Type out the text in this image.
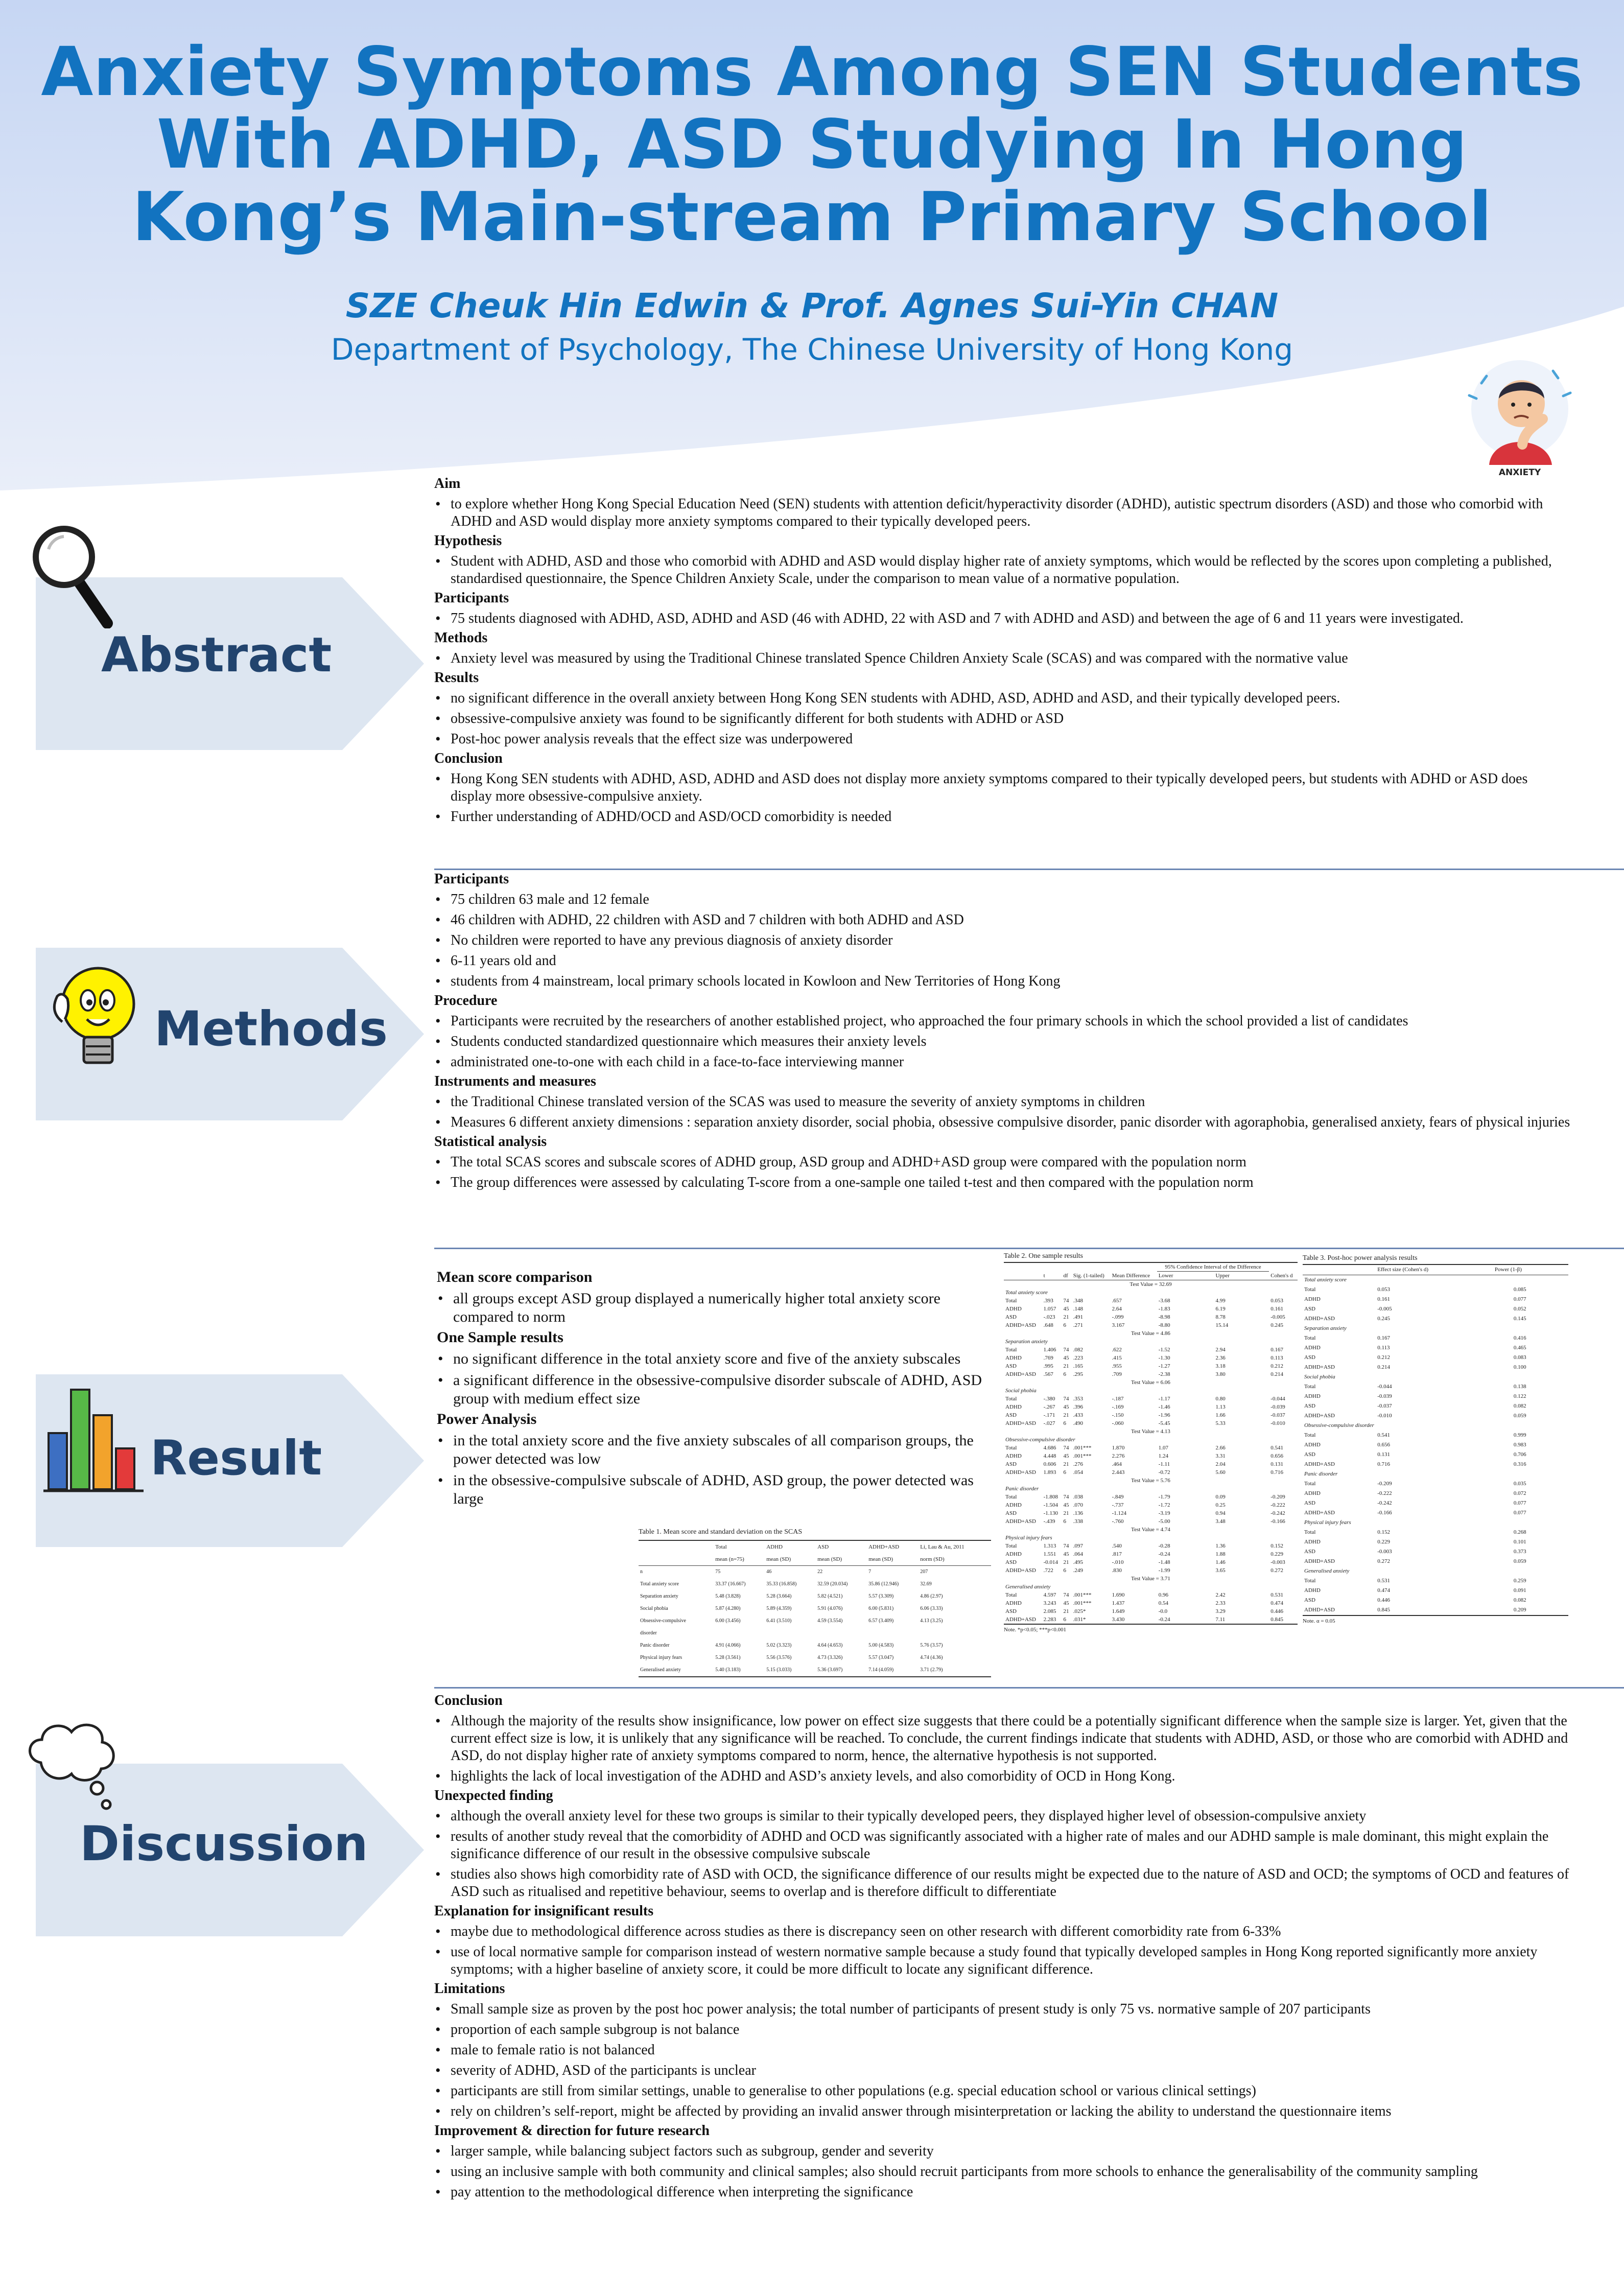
Anxiety Symptoms Among SEN Students With ADHD, ASD Studying In Hong Kong’s Main-stream Primary School
SZE Cheuk Hin Edwin & Prof. Agnes Sui-Yin CHAN
Department of Psychology, The Chinese University of Hong Kong
ANXIETY
Abstract
Methods
Result
Discussion
Aim
• to explore whether Hong Kong Special Education Need (SEN) students with attention deficit/hyperactivity disorder (ADHD), autistic spectrum disorders (ASD) and those who comorbid with ADHD and ASD would display more anxiety symptoms compared to their typically developed peers.
Hypothesis
• Student with ADHD, ASD and those who comorbid with ADHD and ASD would display higher rate of anxiety symptoms, which would be reflected by the scores upon completing a published, standardised questionnaire, the Spence Children Anxiety Scale, under the comparison to mean value of a normative population.
Participants
• 75 students diagnosed with ADHD, ASD, ADHD and ASD (46 with ADHD, 22 with ASD and 7 with ADHD and ASD) and between the age of 6 and 11 years were investigated.
Methods
• Anxiety level was measured by using the Traditional Chinese translated Spence Children Anxiety Scale (SCAS) and was compared with the normative value
Results
• no significant difference in the overall anxiety between Hong Kong SEN students with ADHD, ASD, ADHD and ASD, and their typically developed peers.
• obsessive-compulsive anxiety was found to be significantly different for both students with ADHD or ASD
• Post-hoc power analysis reveals that the effect size was underpowered
Conclusion
• Hong Kong SEN students with ADHD, ASD, ADHD and ASD does not display more anxiety symptoms compared to their typically developed peers, but students with ADHD or ASD does display more obsessive-compulsive anxiety.
• Further understanding of ADHD/OCD and ASD/OCD comorbidity is needed
Participants
• 75 children 63 male and 12 female
• 46 children with ADHD, 22 children with ASD and 7 children with both ADHD and ASD
• No children were reported to have any previous diagnosis of anxiety disorder
• 6-11 years old and
• students from 4 mainstream, local primary schools located in Kowloon and New Territories of Hong Kong
Procedure
• Participants were recruited by the researchers of another established project, who approached the four primary schools in which the school provided a list of candidates
• Students conducted standardized questionnaire which measures their anxiety levels
• administrated one-to-one with each child in a face-to-face interviewing manner
Instruments and measures
• the Traditional Chinese translated version of the SCAS was used to measure the severity of anxiety symptoms in children
• Measures 6 different anxiety dimensions : separation anxiety disorder, social phobia, obsessive compulsive disorder, panic disorder with agoraphobia, generalised anxiety, fears of physical injuries
Statistical analysis
• The total SCAS scores and subscale scores of ADHD group, ASD group and ADHD+ASD group were compared with the population norm
• The group differences were assessed by calculating T-score from a one-sample one tailed t-test and then compared with the population norm
Mean score comparison
• all groups except ASD group displayed a numerically higher total anxiety score compared to norm
One Sample results
• no significant difference in the total anxiety score and five of the anxiety subscales
• a significant difference in the obsessive-compulsive disorder subscale of ADHD, ASD group with medium effect size
Power Analysis
• in the total anxiety score and the five anxiety subscales of all comparison groups, the power detected was low
• in the obsessive-compulsive subscale of ADHD, ASD group, the power detected was large
Conclusion
• Although the majority of the results show insignificance, low power on effect size suggests that there could be a potentially significant difference when the sample size is larger. Yet, given that the current effect size is low, it is unlikely that any significance will be reached. To conclude, the current findings indicate that students with ADHD, ASD, or those who are comorbid with ADHD and ASD, do not display higher rate of anxiety symptoms compared to norm, hence, the alternative hypothesis is not supported.
• highlights the lack of local investigation of the ADHD and ASD’s anxiety levels, and also comorbidity of OCD in Hong Kong.
Unexpected finding
• although the overall anxiety level for these two groups is similar to their typically developed peers, they displayed higher level of obsession-compulsive anxiety
• results of another study reveal that the comorbidity of ADHD and OCD was significantly associated with a higher rate of males and our ADHD sample is male dominant, this might explain the significance difference of our result in the obsessive compulsive subscale
• studies also shows high comorbidity rate of ASD with OCD, the significance difference of our results might be expected due to the nature of ASD and OCD; the symptoms of OCD and features of ASD such as ritualised and repetitive behaviour, seems to overlap and is therefore difficult to differentiate
Explanation for insignificant results
• maybe due to methodological difference across studies as there is discrepancy seen on other research with different comorbidity rate from 6-33%
• use of local normative sample for comparison instead of western normative sample because a study found that typically developed samples in Hong Kong reported significantly more anxiety symptoms; with a higher baseline of anxiety score, it could be more difficult to locate any significant difference.
Limitations
• Small sample size as proven by the post hoc power analysis; the total number of participants of present study is only 75 vs. normative sample of 207 participants
• proportion of each sample subgroup is not balance
• male to female ratio is not balanced
• severity of ADHD, ASD of the participants is unclear
• participants are still from similar settings, unable to generalise to other populations (e.g. special education school or various clinical settings)
• rely on children’s self-report, might be affected by providing an invalid answer through misinterpretation or lacking the ability to understand the questionnaire items
Improvement & direction for future research
• larger sample, while balancing subject factors such as subgroup, gender and severity
• using an inclusive sample with both community and clinical samples; also should recruit participants from more schools to enhance the generalisability of the community sampling
• pay attention to the methodological difference when interpreting the significance
Table 1. Mean score and standard deviation on the SCAS
	Total	ADHD	ASD	ADHD+ASD	Li, Lau & Au, 2011
	mean (n=75)	mean (SD)	mean (SD)	mean (SD)	norm (SD)
n	75	46	22	7	207
Total anxiety score	33.37 (16.667)	35.33 (16.858)	32.59 (20.034)	35.86 (12.946)	32.69
Separation anxiety	5.48 (3.828)	5.28 (3.664)	5.82 (4.521)	5.57 (3.309)	4.86 (2.97)
Social phobia	5.87 (4.280)	5.89 (4.359)	5.91 (4.076)	6.00 (5.831)	6.06 (3.33)
Obsessive-compulsive	6.00 (3.456)	6.41 (3.510)	4.59 (3.554)	6.57 (3.409)	4.13 (3.25)
disorder					
Panic disorder	4.91 (4.066)	5.02 (3.323)	4.64 (4.653)	5.00 (4.583)	5.76 (3.57)
Physical injury fears	5.28 (3.561)	5.56 (3.576)	4.73 (3.326)	5.57 (3.047)	4.74 (4.36)
Generalised anxiety	5.40 (3.183)	5.15 (3.033)	5.36 (3.697)	7.14 (4.059)	3.71 (2.79)
Table 2. One sample results
					95% Confidence Interval of the Difference		
	t	df	Sig. (1-tailed)	Mean Difference	Lower	Upper	Cohen's d
Test Value = 32.69							
Total anxiety score							
Total	.393	74	.348	.657	-3.68	4.99	0.053
ADHD	1.057	45	.148	2.64	-1.83	6.19	0.161
ASD	-.023	21	.491	-.099	-8.98	8.78	-0.005
ADHD+ASD	.648	6	.271	3.167	-8.80	15.14	0.245
Test Value = 4.86							
Separation anxiety							
Total	1.406	74	.082	.622	-1.52	2.94	0.167
ADHD	.769	45	.223	.415	-1.30	2.36	0.113
ASD	.995	21	.165	.955	-1.27	3.18	0.212
ADHD+ASD	.567	6	.295	.709	-2.38	3.80	0.214
Test Value = 6.06							
Social phobia							
Total	-.380	74	.353	-.187	-1.17	0.80	-0.044
ADHD	-.267	45	.396	-.169	-1.46	1.13	-0.039
ASD	-.171	21	.433	-.150	-1.96	1.66	-0.037
ADHD+ASD	-.027	6	.490	-.060	-5.45	5.33	-0.010
Test Value = 4.13							
Obsessive-compulsive disorder							
Total	4.686	74	.001***	1.870	1.07	2.66	0.541
ADHD	4.448	45	.001***	2.276	1.24	3.31	0.656
ASD	0.606	21	.276	.464	-1.11	2.04	0.131
ADHD+ASD	1.893	6	.054	2.443	-0.72	5.60	0.716
Test Value = 5.76							
Panic disorder							
Total	-1.808	74	.038	-.849	-1.79	0.09	-0.209
ADHD	-1.504	45	.070	-.737	-1.72	0.25	-0.222
ASD	-1.130	21	.136	-1.124	-3.19	0.94	-0.242
ADHD+ASD	-.439	6	.338	-.760	-5.00	3.48	-0.166
Test Value = 4.74							
Physical injury fears							
Total	1.313	74	.097	.540	-0.28	1.36	0.152
ADHD	1.551	45	.064	.817	-0.24	1.88	0.229
ASD	-0.014	21	.495	-.010	-1.48	1.46	-0.003
ADHD+ASD	.722	6	.249	.830	-1.99	3.65	0.272
Test Value = 3.71							
Generalised anxiety							
Total	4.597	74	.001***	1.690	0.96	2.42	0.531
ADHD	3.243	45	.001***	1.437	0.54	2.33	0.474
ASD	2.085	21	.025*	1.649	-0.0	3.29	0.446
ADHD+ASD	2.283	6	.031*	3.430	-0.24	7.11	0.845
Note. *p<0.05; ***p<0.001
Table 3. Post-hoc power analysis results
	Effect size (Cohen's d)	Power (1-β)
Total anxiety score		
Total	0.053	0.085
ADHD	0.161	0.077
ASD	-0.005	0.052
ADHD+ASD	0.245	0.145
Separation anxiety		
Total	0.167	0.416
ADHD	0.113	0.465
ASD	0.212	0.083
ADHD+ASD	0.214	0.100
Social phobia		
Total	-0.044	0.138
ADHD	-0.039	0.122
ASD	-0.037	0.082
ADHD+ASD	-0.010	0.059
Obsessive-compulsive disorder		
Total	0.541	0.999
ADHD	0.656	0.983
ASD	0.131	0.706
ADHD+ASD	0.716	0.316
Panic disorder		
Total	-0.209	0.035
ADHD	-0.222	0.072
ASD	-0.242	0.077
ADHD+ASD	-0.166	0.077
Physical injury fears		
Total	0.152	0.268
ADHD	0.229	0.101
ASD	-0.003	0.373
ADHD+ASD	0.272	0.059
Generalised anxiety		
Total	0.531	0.259
ADHD	0.474	0.091
ASD	0.446	0.082
ADHD+ASD	0.845	0.209
Note. α = 0.05
